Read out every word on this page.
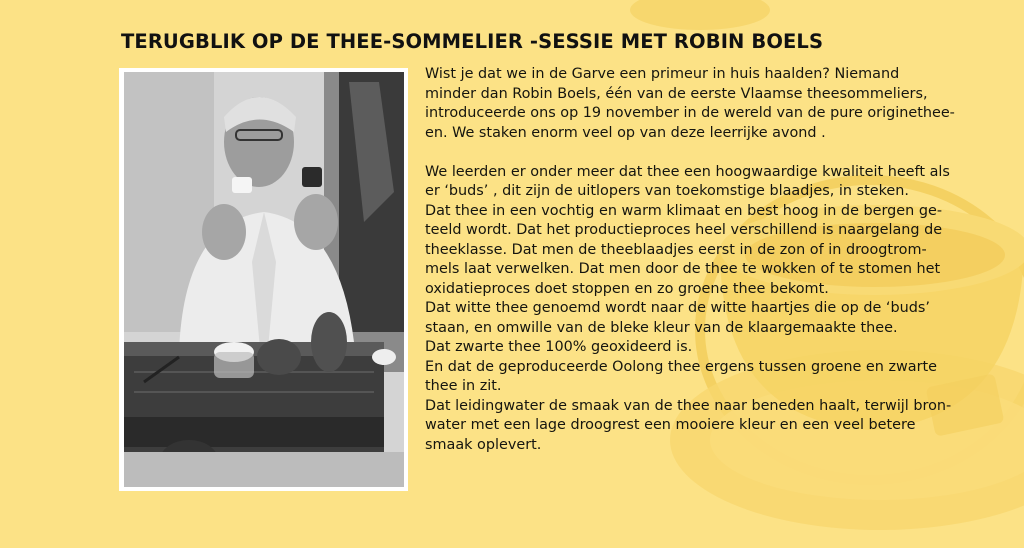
TERUGBLIK OP DE THEE-SOMMELIER -SESSIE MET ROBIN BOELS
Wist je dat we in de Garve een primeur in huis haalden? Niemand
minder dan Robin Boels, één van de eerste Vlaamse theesommeliers,
introduceerde ons op 19 november in de wereld van de pure originethee-
en. We staken enorm veel op van deze leerrijke avond .
We leerden er onder meer dat thee een hoogwaardige kwaliteit heeft als
er ‘buds’ , dit zijn de uitlopers van toekomstige blaadjes, in steken.
Dat thee in een vochtig en warm klimaat en best hoog in de bergen ge-
teeld wordt. Dat het productieproces heel verschillend is naargelang de
theeklasse. Dat men de theeblaadjes eerst in de zon of in droogtrom-
mels laat verwelken. Dat men door de thee te wokken of te stomen het
oxidatieproces doet stoppen en zo groene thee bekomt.
Dat witte thee genoemd wordt naar de witte haartjes die op de ‘buds’
staan, en omwille van de bleke kleur van de klaargemaakte thee.
Dat zwarte thee 100% geoxideerd is.
En dat de geproduceerde Oolong thee ergens tussen groene en zwarte
thee in zit.
Dat leidingwater de smaak van de thee naar beneden haalt, terwijl bron-
water met een lage droogrest een mooiere kleur en een veel betere
smaak oplevert.
